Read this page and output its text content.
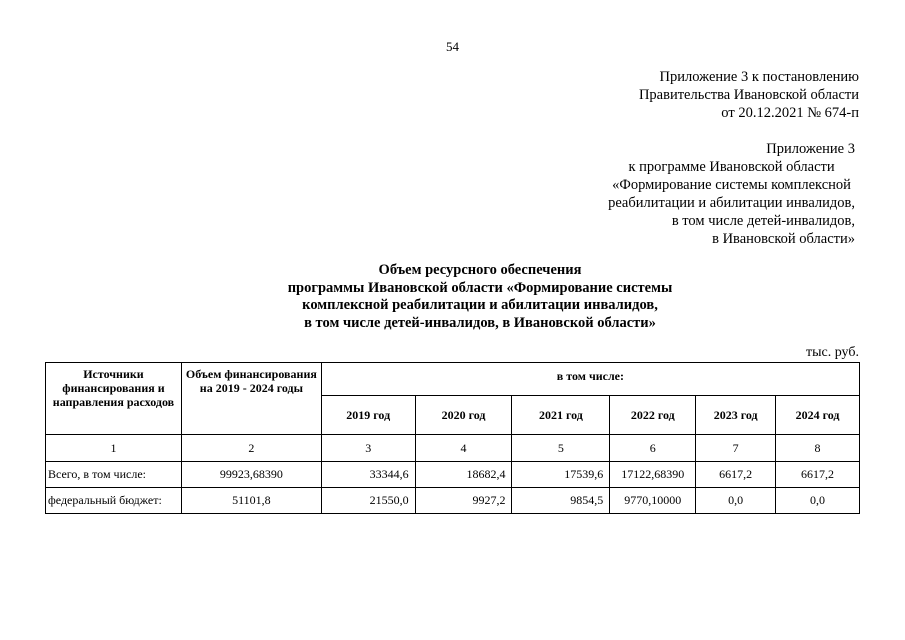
54
Приложение 3 к постановлению
Правительства Ивановской области
от 20.12.2021 № 674-п
Приложение 3
к программе Ивановской области
«Формирование системы комплексной
реабилитации и абилитации инвалидов,
в том числе детей-инвалидов,
в Ивановской области»
Объем ресурсного обеспечения
программы Ивановской области «Формирование системы
комплексной реабилитации и абилитации инвалидов,
в том числе детей-инвалидов, в Ивановской области»
тыс. руб.
Источники финансирования и направления расходов	Объем финансирования на 2019 - 2024 годы	в том числе:					
		2019 год	2020 год	2021 год	2022 год	2023 год	2024 год
1	2	3	4	5	6	7	8
Всего, в том числе:	99923,68390	33344,6	18682,4	17539,6	17122,68390	6617,2	6617,2
федеральный бюджет:	51101,8	21550,0	9927,2	9854,5	9770,10000	0,0	0,0
